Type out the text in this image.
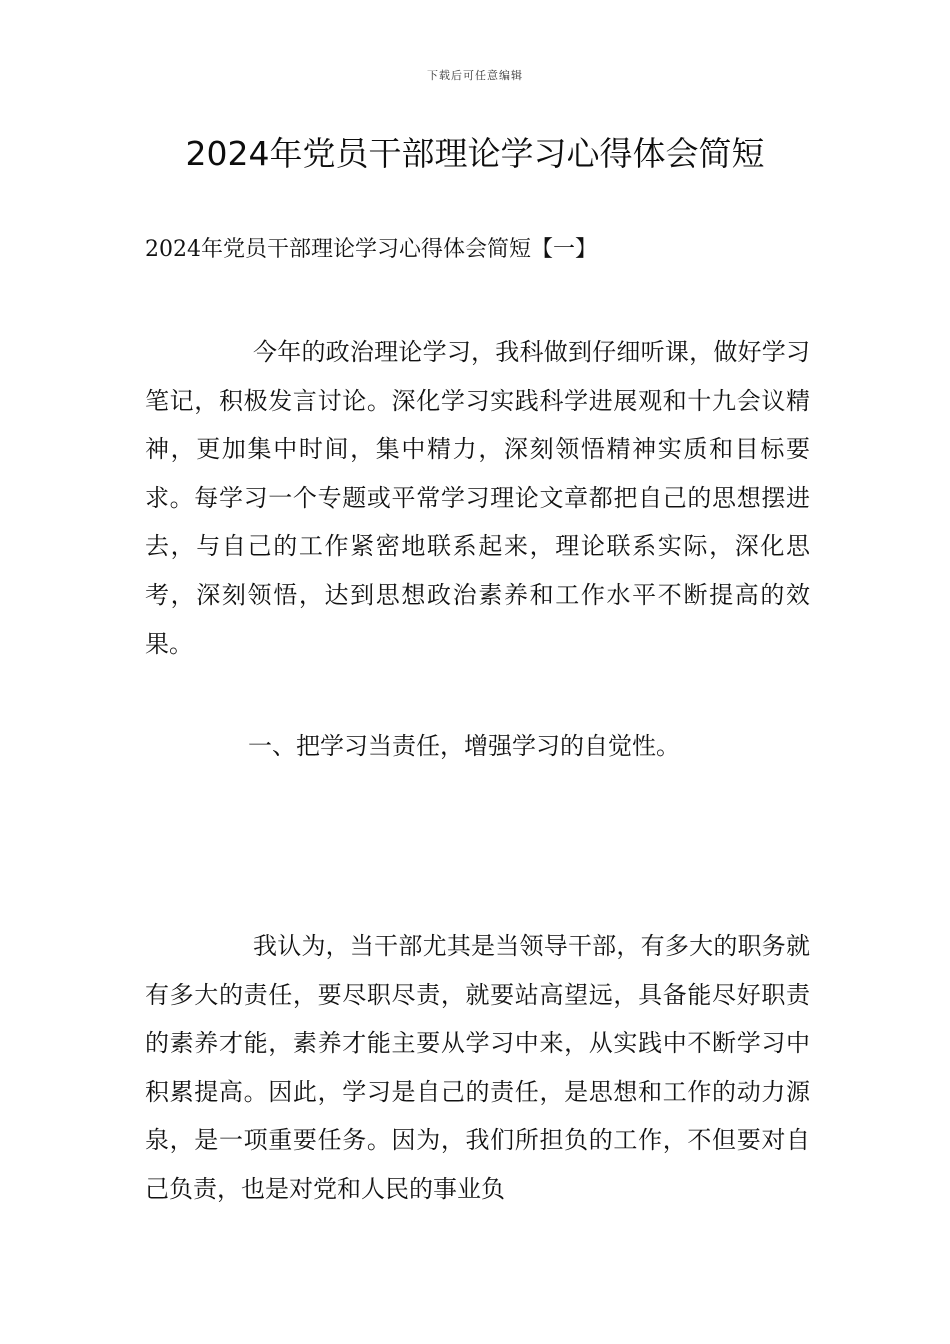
下载后可任意编辑
2024年党员干部理论学习心得体会简短

2024年党员干部理论学习心得体会简短【一】

今年的政治理论学习，我科做到仔细听课，做好学习笔记，积极发言讨论。深化学习实践科学进展观和十九会议精神，更加集中时间，集中精力，深刻领悟精神实质和目标要求。每学习一个专题或平常学习理论文章都把自己的思想摆进去，与自己的工作紧密地联系起来，理论联系实际，深化思考，深刻领悟，达到思想政治素养和工作水平不断提高的效果。

一、把学习当责任，增强学习的自觉性。

我认为，当干部尤其是当领导干部，有多大的职务就有多大的责任，要尽职尽责，就要站高望远，具备能尽好职责的素养才能，素养才能主要从学习中来，从实践中不断学习中积累提高。因此，学习是自己的责任，是思想和工作的动力源泉，是一项重要任务。因为，我们所担负的工作，不但要对自己负责，也是对党和人民的事业负
